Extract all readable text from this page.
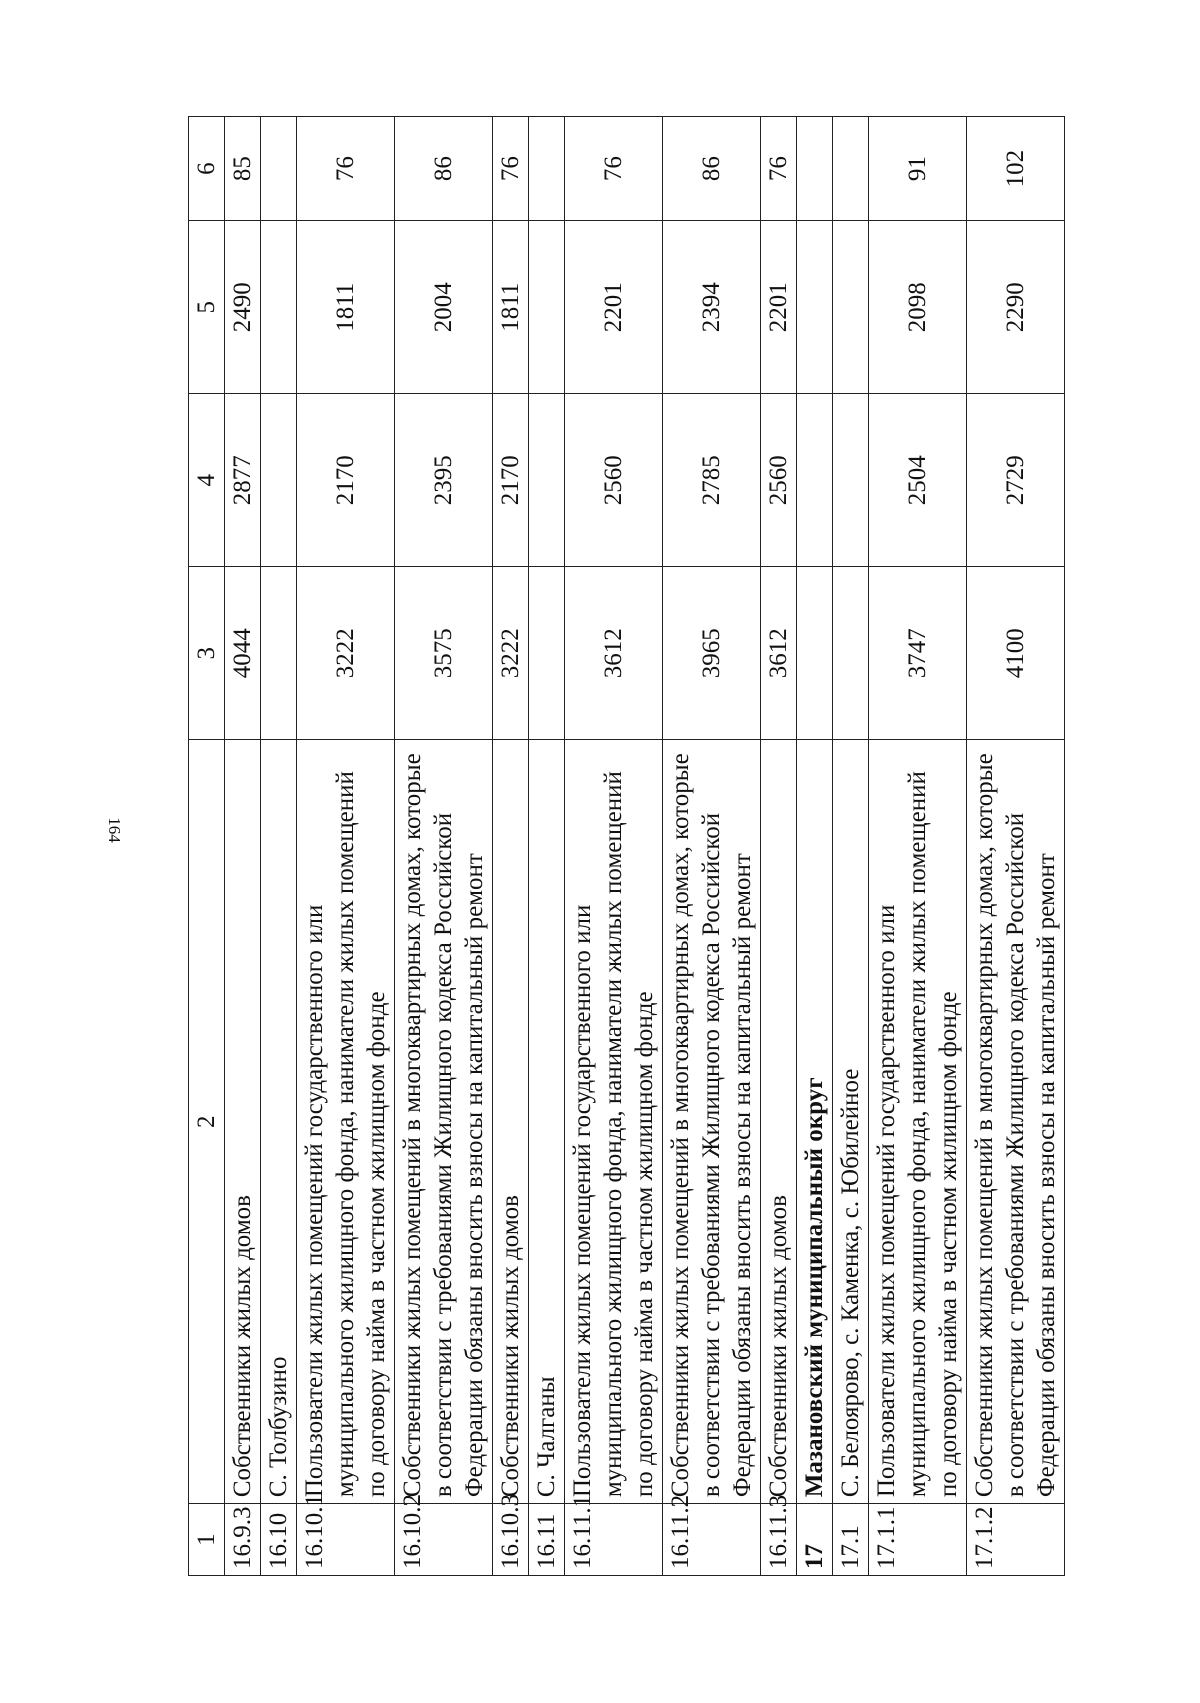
164
1	2	3	4	5	6
16.9.3	Собственники жилых домов	4044	2877	2490	85
16.10	С. Толбузино				
16.10.1	Пользователи жилых помещений государственного или муниципального жилищного фонда, наниматели жилых помещений по договору найма в частном жилищном фонде	3222	2170	1811	76
16.10.2	Собственники жилых помещений в многоквартирных домах, которые в соответствии с требованиями Жилищного кодекса Российской Федерации обязаны вносить взносы на капитальный ремонт	3575	2395	2004	86
16.10.3	Собственники жилых домов	3222	2170	1811	76
16.11	С. Чалганы				
16.11.1	Пользователи жилых помещений государственного или муниципального жилищного фонда, наниматели жилых помещений по договору найма в частном жилищном фонде	3612	2560	2201	76
16.11.2	Собственники жилых помещений в многоквартирных домах, которые в соответствии с требованиями Жилищного кодекса Российской Федерации обязаны вносить взносы на капитальный ремонт	3965	2785	2394	86
16.11.3	Собственники жилых домов	3612	2560	2201	76
17	Мазановский муниципальный округ				
17.1	С. Белоярово, с. Каменка, с. Юбилейное				
17.1.1	Пользователи жилых помещений государственного или муниципального жилищного фонда, наниматели жилых помещений по договору найма в частном жилищном фонде	3747	2504	2098	91
17.1.2	Собственники жилых помещений в многоквартирных домах, которые в соответствии с требованиями Жилищного кодекса Российской Федерации обязаны вносить взносы на капитальный ремонт	4100	2729	2290	102
